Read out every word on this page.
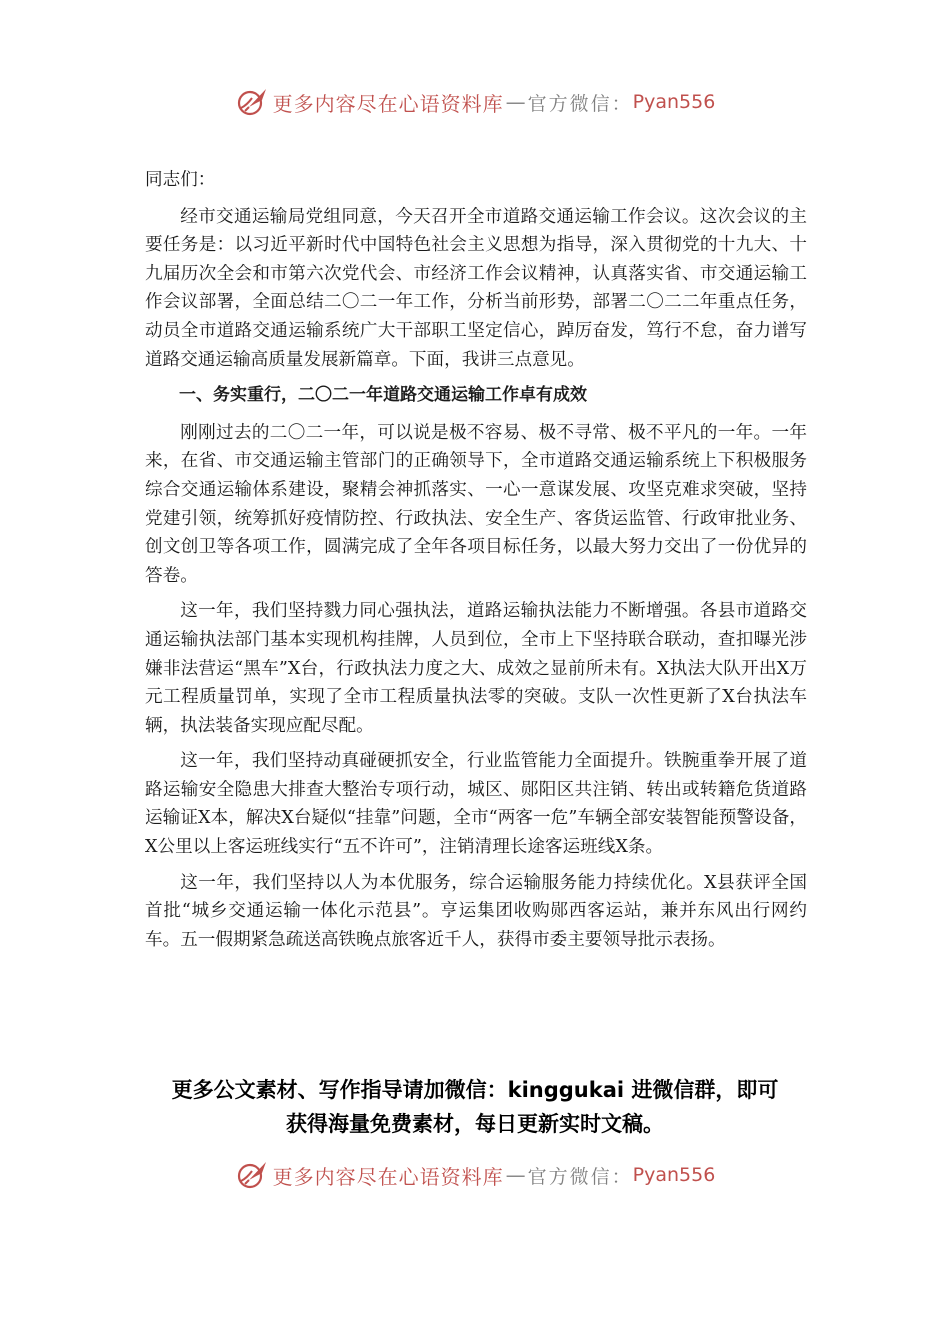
更多内容尽在心语资料库 — 官方微信： Pyan556

同志们：

经市交通运输局党组同意，今天召开全市道路交通运输工作会议。这次会议的主要任务是：以习近平新时代中国特色社会主义思想为指导，深入贯彻党的十九大、十九届历次全会和市第六次党代会、市经济工作会议精神，认真落实省、市交通运输工作会议部署，全面总结二〇二一年工作，分析当前形势，部署二〇二二年重点任务，动员全市道路交通运输系统广大干部职工坚定信心，踔厉奋发，笃行不怠，奋力谱写道路交通运输高质量发展新篇章。下面，我讲三点意见。

一、务实重行，二〇二一年道路交通运输工作卓有成效

刚刚过去的二〇二一年，可以说是极不容易、极不寻常、极不平凡的一年。一年来，在省、市交通运输主管部门的正确领导下，全市道路交通运输系统上下积极服务综合交通运输体系建设，聚精会神抓落实、一心一意谋发展、攻坚克难求突破，坚持党建引领，统筹抓好疫情防控、行政执法、安全生产、客货运监管、行政审批业务、创文创卫等各项工作，圆满完成了全年各项目标任务，以最大努力交出了一份优异的答卷。

这一年，我们坚持戮力同心强执法，道路运输执法能力不断增强。各县市道路交通运输执法部门基本实现机构挂牌，人员到位，全市上下坚持联合联动，查扣曝光涉嫌非法营运“黑车”X台，行政执法力度之大、成效之显前所未有。X执法大队开出X万元工程质量罚单，实现了全市工程质量执法零的突破。支队一次性更新了X台执法车辆，执法装备实现应配尽配。

这一年，我们坚持动真碰硬抓安全，行业监管能力全面提升。铁腕重拳开展了道路运输安全隐患大排查大整治专项行动，城区、郧阳区共注销、转出或转籍危货道路运输证X本，解决X台疑似“挂靠”问题，全市“两客一危”车辆全部安装智能预警设备，X公里以上客运班线实行“五不许可”，注销清理长途客运班线X条。

这一年，我们坚持以人为本优服务，综合运输服务能力持续优化。X县获评全国首批“城乡交通运输一体化示范县”。亨运集团收购郧西客运站，兼并东风出行网约车。五一假期紧急疏送高铁晚点旅客近千人，获得市委主要领导批示表扬。

更多公文素材、写作指导请加微信：kinggukai 进微信群，即可
获得海量免费素材，每日更新实时文稿。
更多内容尽在心语资料库 — 官方微信： Pyan556
